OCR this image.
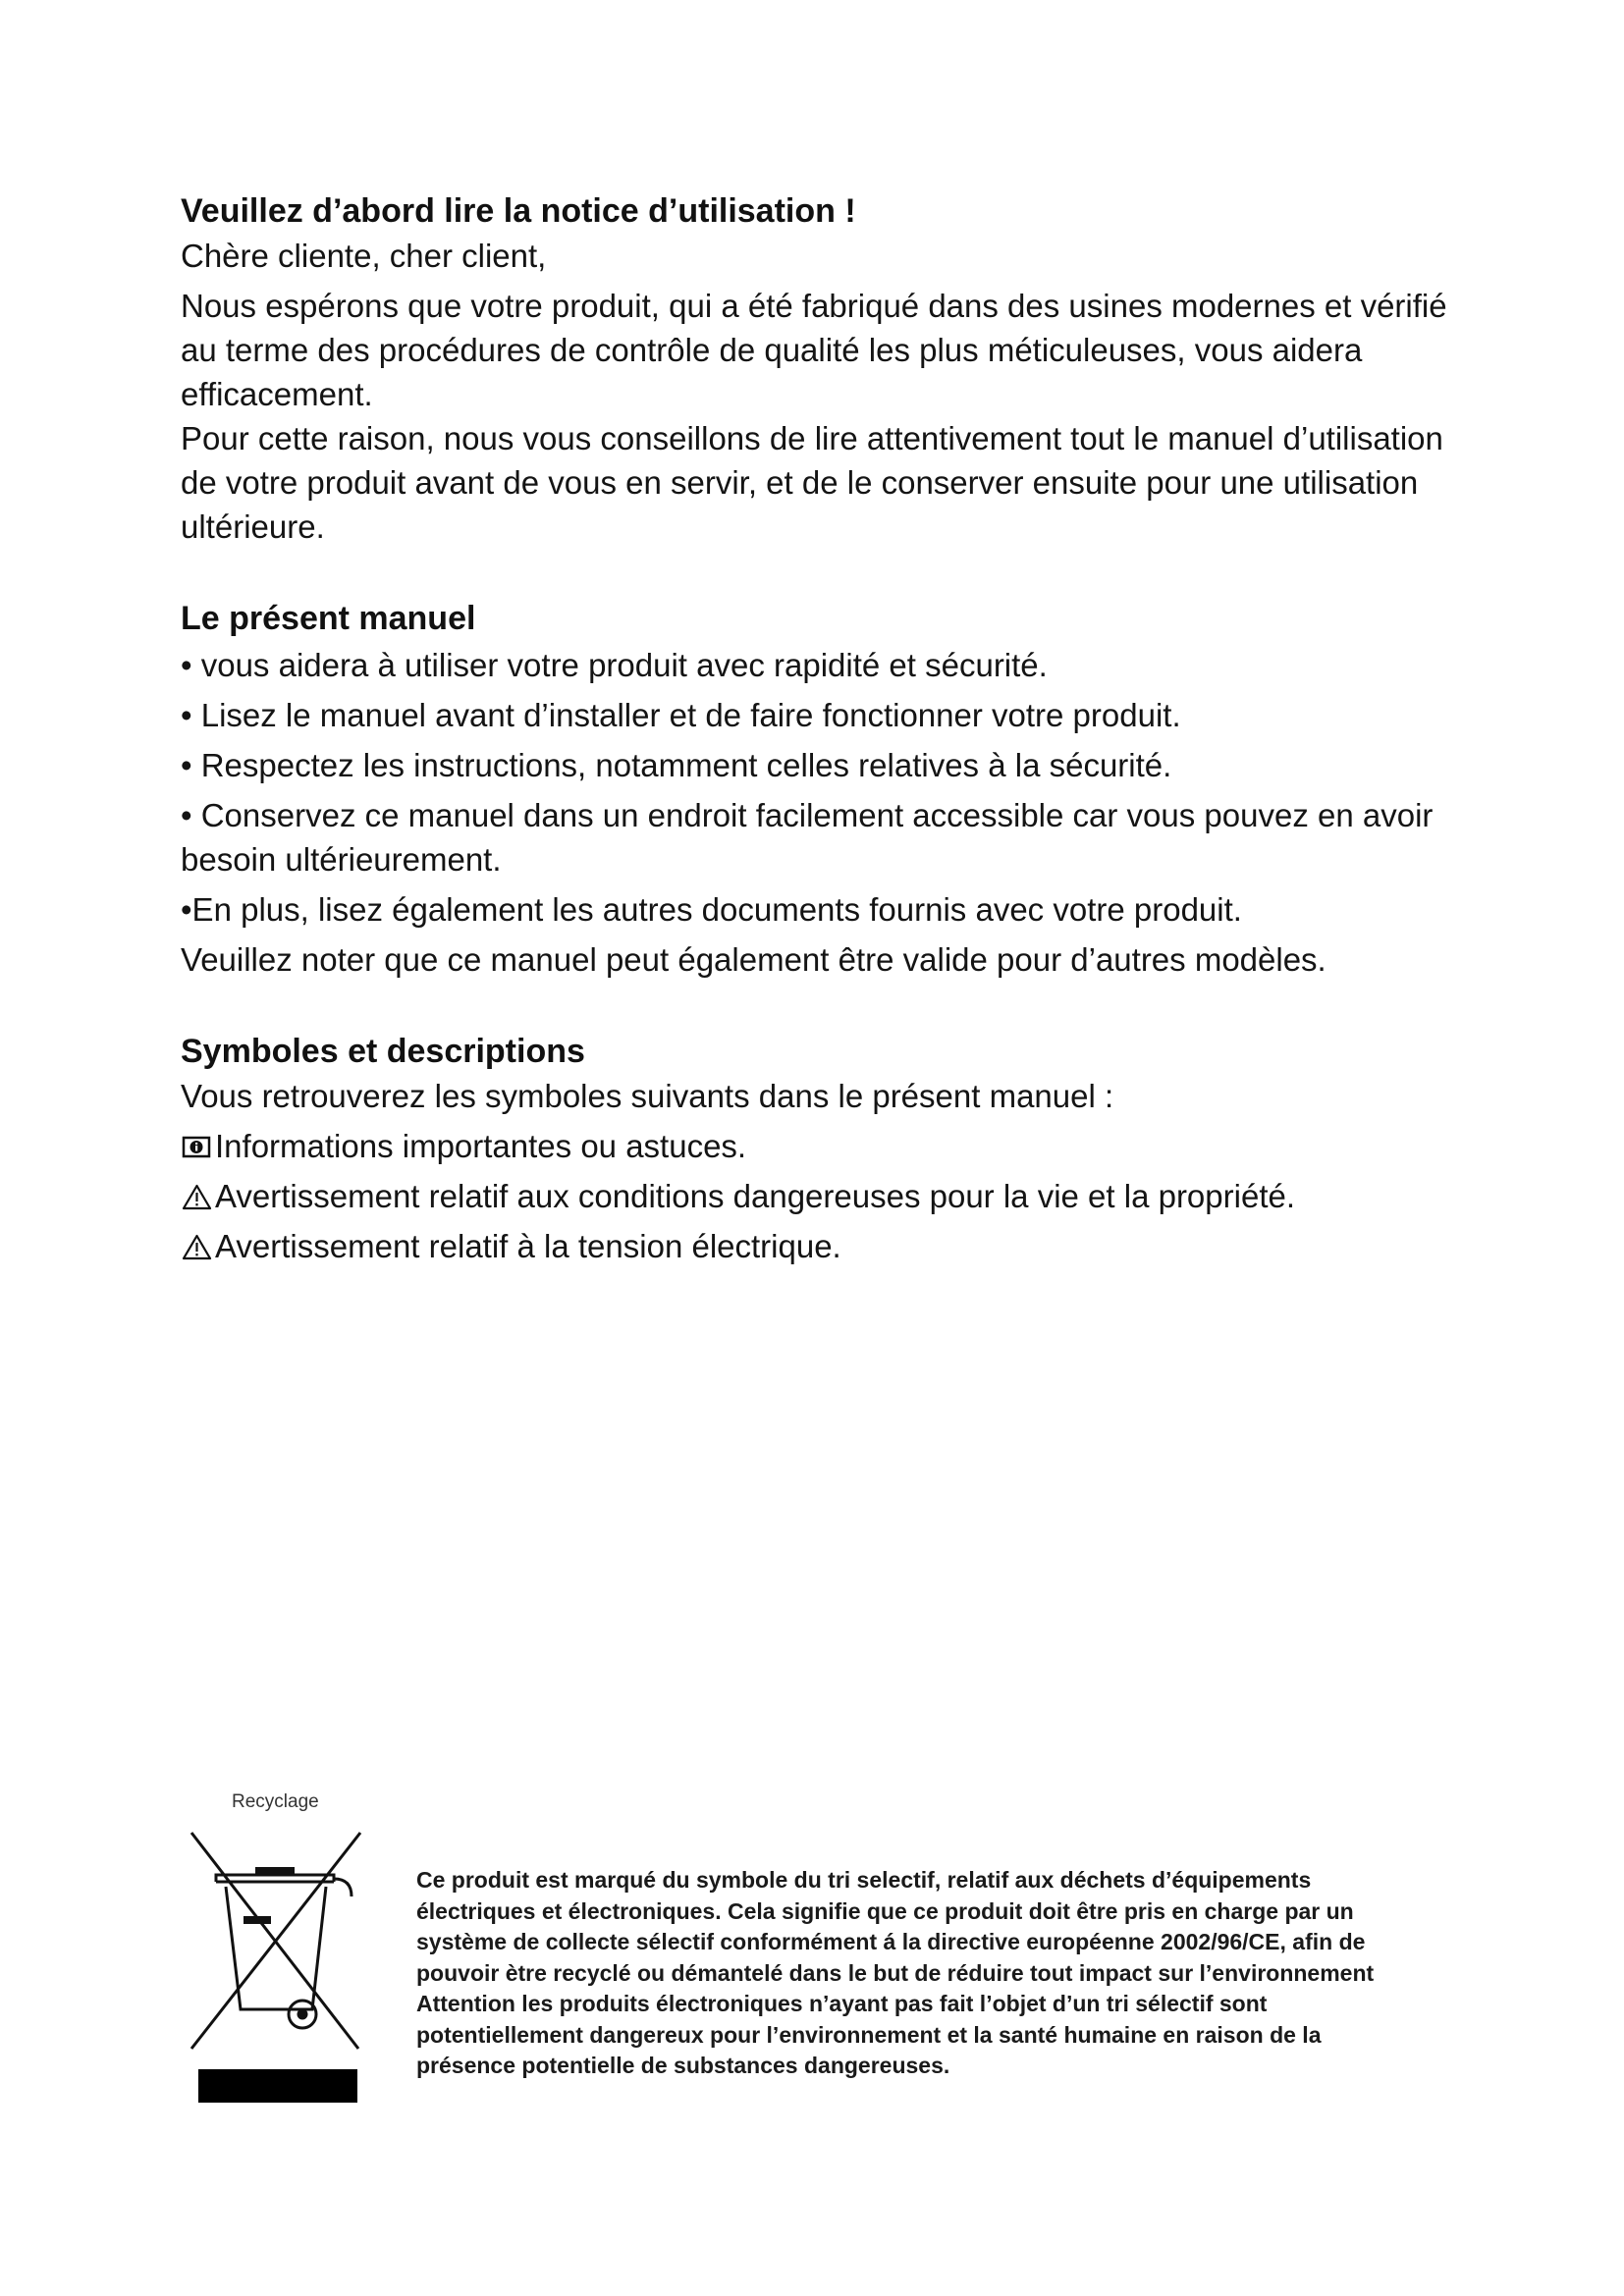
Veuillez d’abord lire la notice d’utilisation !

Chère cliente, cher client,

Nous espérons que votre produit, qui a été fabriqué dans des usines modernes et vérifié au terme des procédures de contrôle de qualité les plus méticuleuses, vous aidera efficacement.

Pour cette raison, nous vous conseillons de lire attentivement tout le manuel d’utilisation de votre produit avant de vous en servir, et de le conserver ensuite pour une utilisation ultérieure.

Le présent manuel

• vous aidera à utiliser votre produit avec rapidité et sécurité.

• Lisez le manuel avant d’installer et de faire fonctionner votre produit.

• Respectez les instructions, notamment celles relatives à la sécurité.

• Conservez ce manuel dans un endroit facilement accessible car vous pouvez en avoir besoin ultérieurement.

•En plus, lisez également les autres documents fournis avec votre produit.

Veuillez noter que ce manuel peut également être valide pour d’autres modèles.

Symboles et descriptions

Vous retrouverez les symboles suivants dans le présent manuel :

Informations importantes ou astuces.

Avertissement relatif aux conditions dangereuses pour la vie et la propriété.

Avertissement relatif à la tension électrique.

Recyclage
Ce produit est marqué du symbole du tri selectif, relatif aux déchets d’équipements électriques et électroniques. Cela signifie que ce produit doit être pris en charge par un système de collecte sélectif conformément á la directive européenne 2002/96/CE, afin de pouvoir ètre recyclé ou démantelé dans le but de réduire tout impact sur l’environnement Attention les produits électroniques n’ayant pas fait l’objet d’un tri sélectif sont potentiellement dangereux pour l’environnement et la santé humaine en raison de la présence potentielle de substances dangereuses.
